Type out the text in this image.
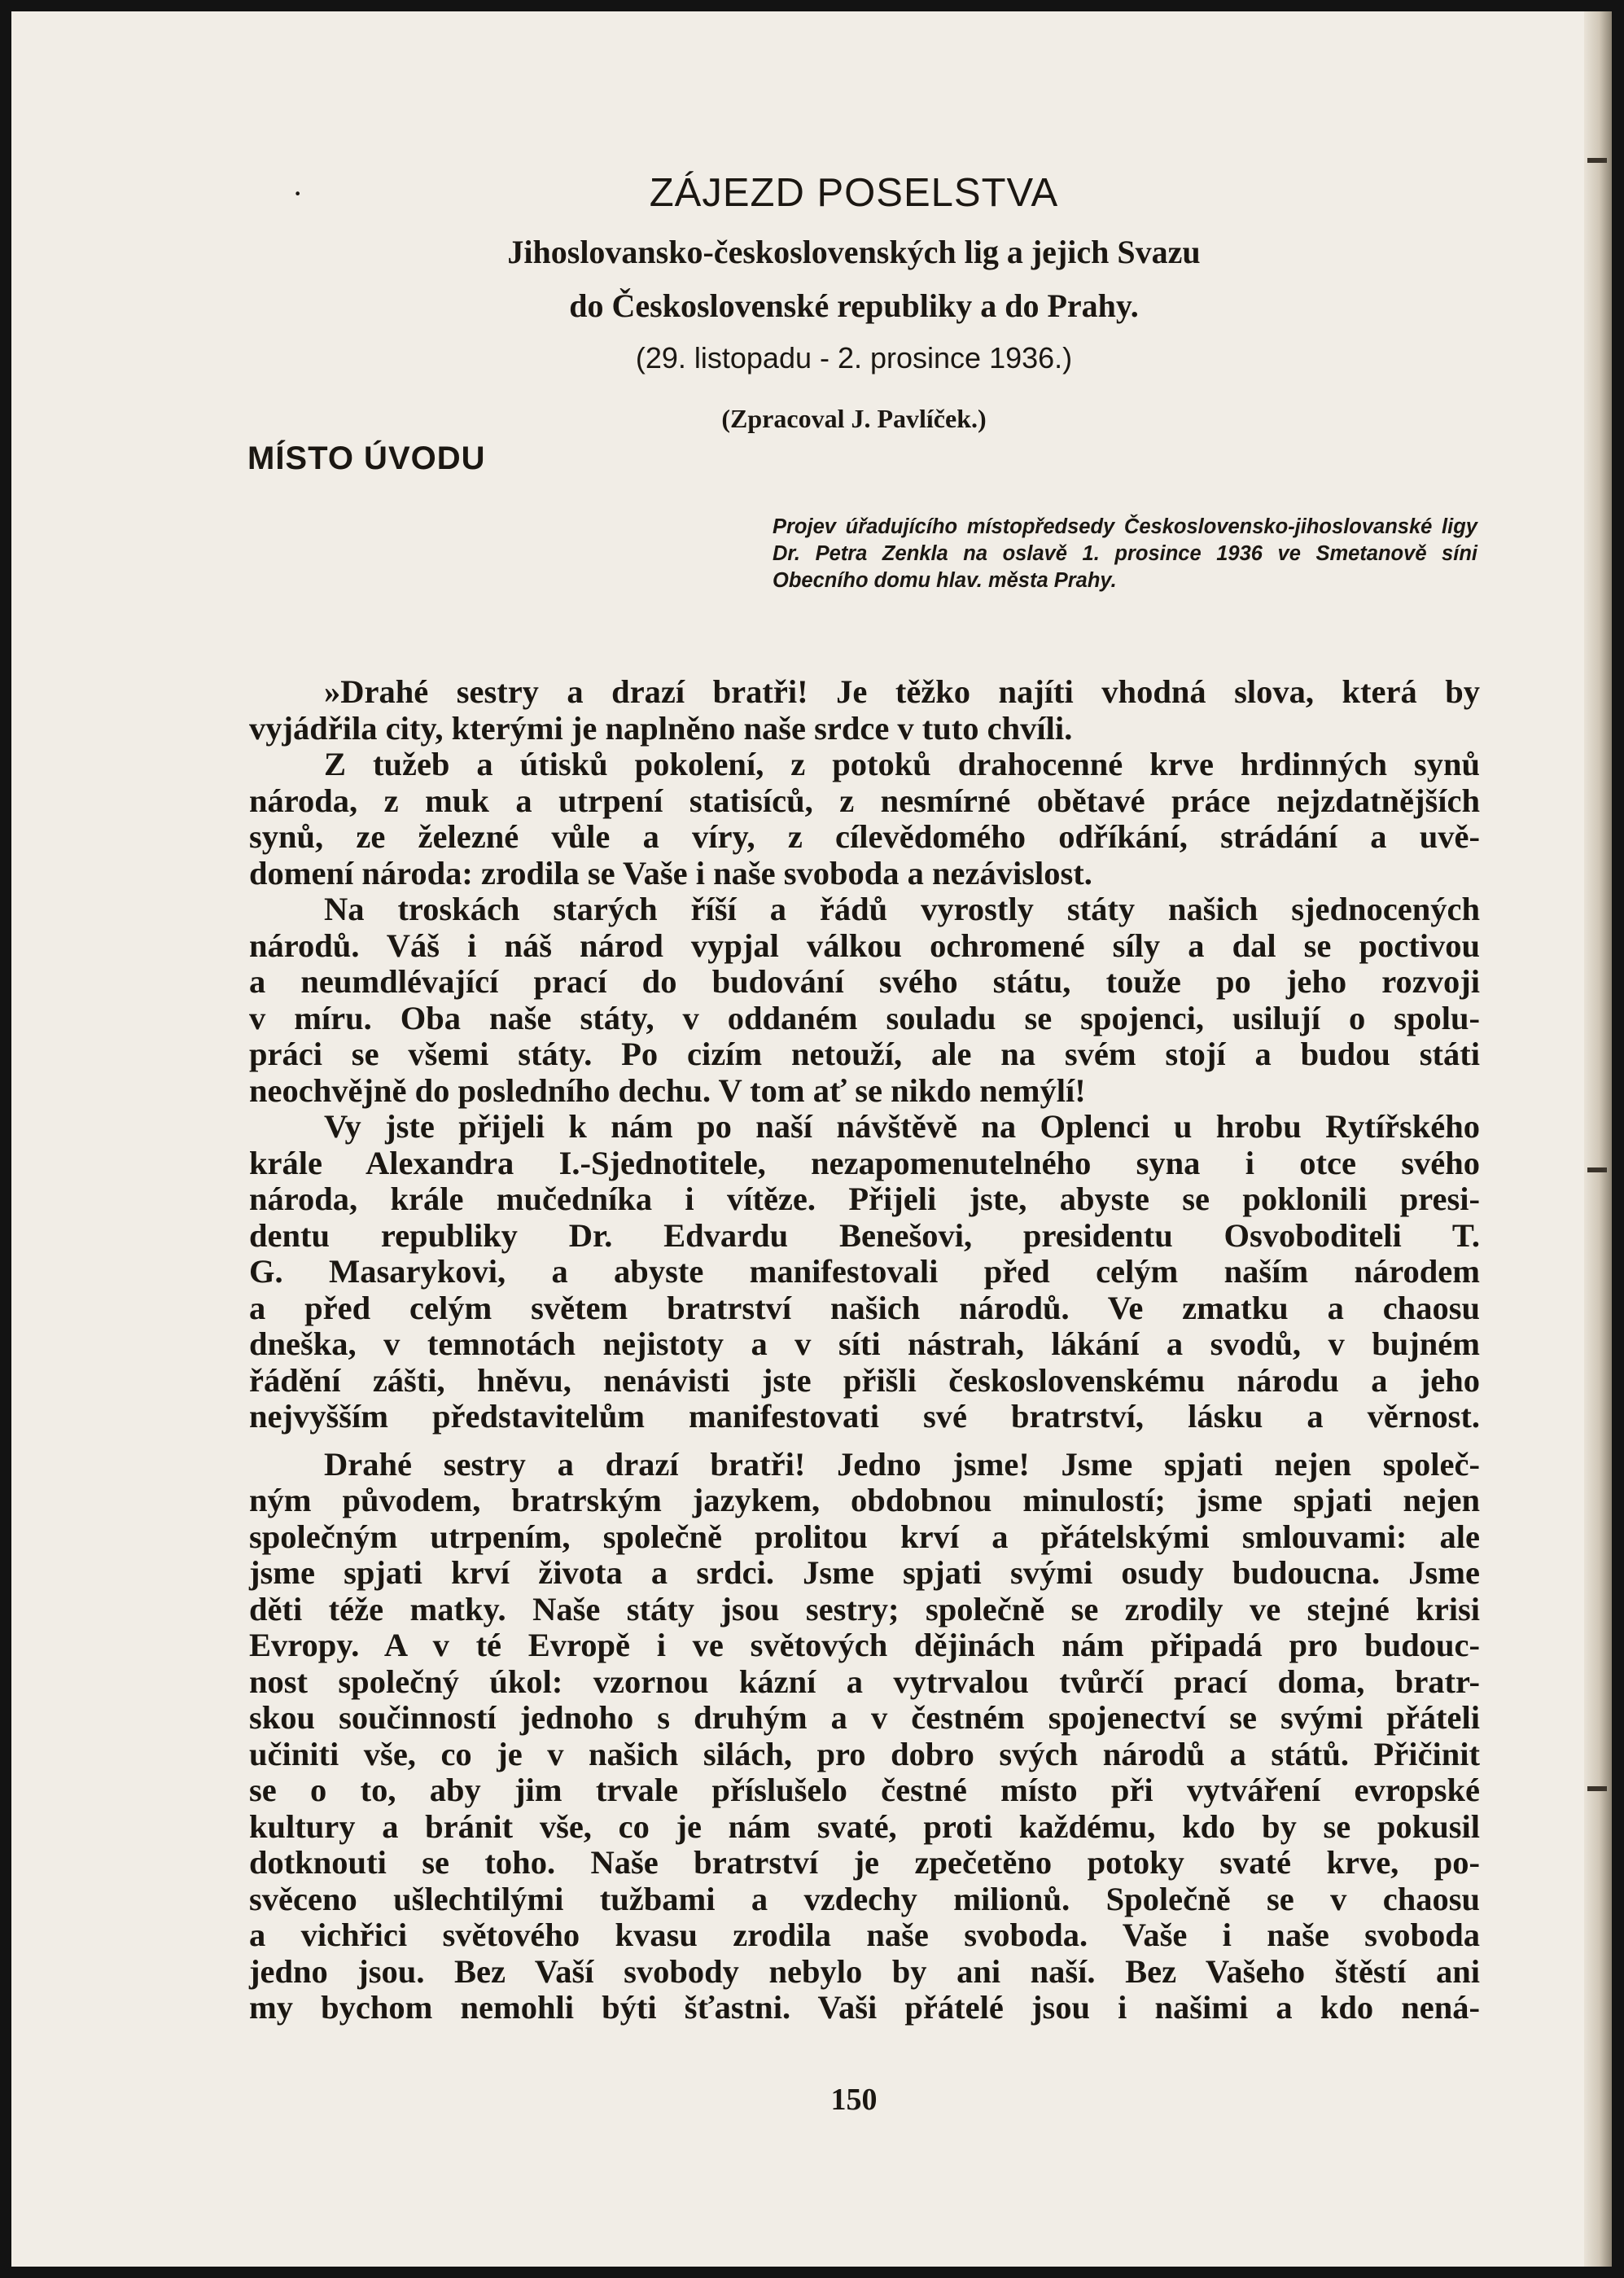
·	ZÁJEZD POSELSTVA
Jihoslovansko-československých lig a jejich Svazu
do Československé republiky a do Prahy.
(29. listopadu - 2. prosince 1936.)
(Zpracoval J. Pavlíček.)
MÍSTO ÚVODU
Projev úřadujícího místopředsedy Československo-jihoslovanské ligy Dr. Petra Zenkla na oslavě 1. prosince 1936 ve Smetanově síni Obecního domu hlav. města Prahy.
»Drahé sestry a drazí bratři! Je těžko najíti vhodná slova, která by
vyjádřila city, kterými je naplněno naše srdce v tuto chvíli.
Z tužeb a útisků pokolení, z potoků drahocenné krve hrdinných synů
národa, z muk a utrpení statisíců, z nesmírné obětavé práce nejzdatnějších
synů, ze železné vůle a víry, z cílevědomého odříkání, strádání a uvě-
domení národa: zrodila se Vaše i naše svoboda a nezávislost.
Na troskách starých říší a řádů vyrostly státy našich sjednocených
národů. Váš i náš národ vypjal válkou ochromené síly a dal se poctivou
a neumdlévající prací do budování svého státu, touže po jeho rozvoji
v míru. Oba naše státy, v oddaném souladu se spojenci, usilují o spolu-
práci se všemi státy. Po cizím netouží, ale na svém stojí a budou státi
neochvějně do posledního dechu. V tom ať se nikdo nemýlí!
Vy jste přijeli k nám po naší návštěvě na Oplenci u hrobu Rytířského
krále Alexandra I.-Sjednotitele, nezapomenutelného syna i otce svého
národa, krále mučedníka i vítěze. Přijeli jste, abyste se poklonili presi-
dentu republiky Dr. Edvardu Benešovi, presidentu Osvoboditeli T.
G. Masarykovi, a abyste manifestovali před celým naším národem
a před celým světem bratrství našich národů. Ve zmatku a chaosu
dneška, v temnotách nejistoty a v síti nástrah, lákání a svodů, v bujném
řádění zášti, hněvu, nenávisti jste přišli československému národu a jeho
nejvyšším představitelům manifestovati své bratrství, lásku a věrnost.
Drahé sestry a drazí bratři! Jedno jsme! Jsme spjati nejen společ-
ným původem, bratrským jazykem, obdobnou minulostí; jsme spjati nejen
společným utrpením, společně prolitou krví a přátelskými smlouvami: ale
jsme spjati krví života a srdci. Jsme spjati svými osudy budoucna. Jsme
děti téže matky. Naše státy jsou sestry; společně se zrodily ve stejné krisi
Evropy. A v té Evropě i ve světových dějinách nám připadá pro budouc-
nost společný úkol: vzornou kázní a vytrvalou tvůrčí prací doma, bratr-
skou součinností jednoho s druhým a v čestném spojenectví se svými přáteli
učiniti vše, co je v našich silách, pro dobro svých národů a států. Přičinit
se o to, aby jim trvale příslušelo čestné místo při vytváření evropské
kultury a bránit vše, co je nám svaté, proti každému, kdo by se pokusil
dotknouti se toho. Naše bratrství je zpečetěno potoky svaté krve, po-
svěceno ušlechtilými tužbami a vzdechy milionů. Společně se v chaosu
a vichřici světového kvasu zrodila naše svoboda. Vaše i naše svoboda
jedno jsou. Bez Vaší svobody nebylo by ani naší. Bez Vašeho štěstí ani
my bychom nemohli býti šťastni. Vaši přátelé jsou i našimi a kdo nená-
150
